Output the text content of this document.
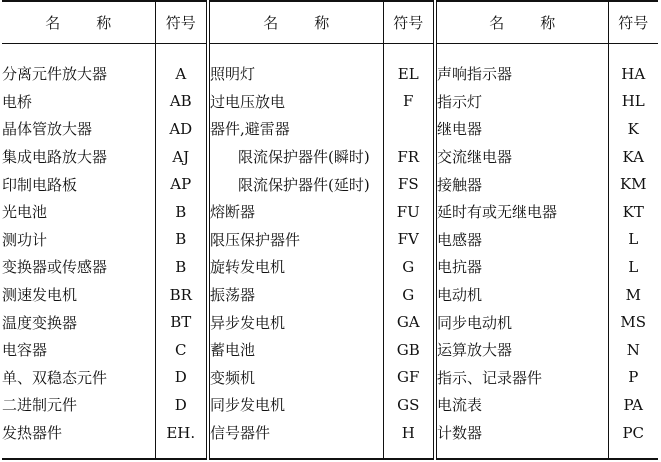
名 称	符号	名 称	符号	名 称	符号
分离元件放大器	A	照明灯	EL	声响指示器	HA
电桥	AB	过电压放电	F	指示灯	HL
晶体管放大器	AD	器件,避雷器		继电器	K
集成电路放大器	AJ	限流保护器件(瞬时)	FR	交流继电器	KA
印制电路板	AP	限流保护器件(延时)	FS	接触器	KM
光电池	B	熔断器	FU	延时有或无继电器	KT
测功计	B	限压保护器件	FV	电感器	L
变换器或传感器	B	旋转发电机	G	电抗器	L
测速发电机	BR	振荡器	G	电动机	M
温度变换器	BT	异步发电机	GA	同步电动机	MS
电容器	C	蓄电池	GB	运算放大器	N
单、双稳态元件	D	变频机	GF	指示、记录器件	P
二进制元件	D	同步发电机	GS	电流表	PA
发热器件	EH.	信号器件	H	计数器	PC
